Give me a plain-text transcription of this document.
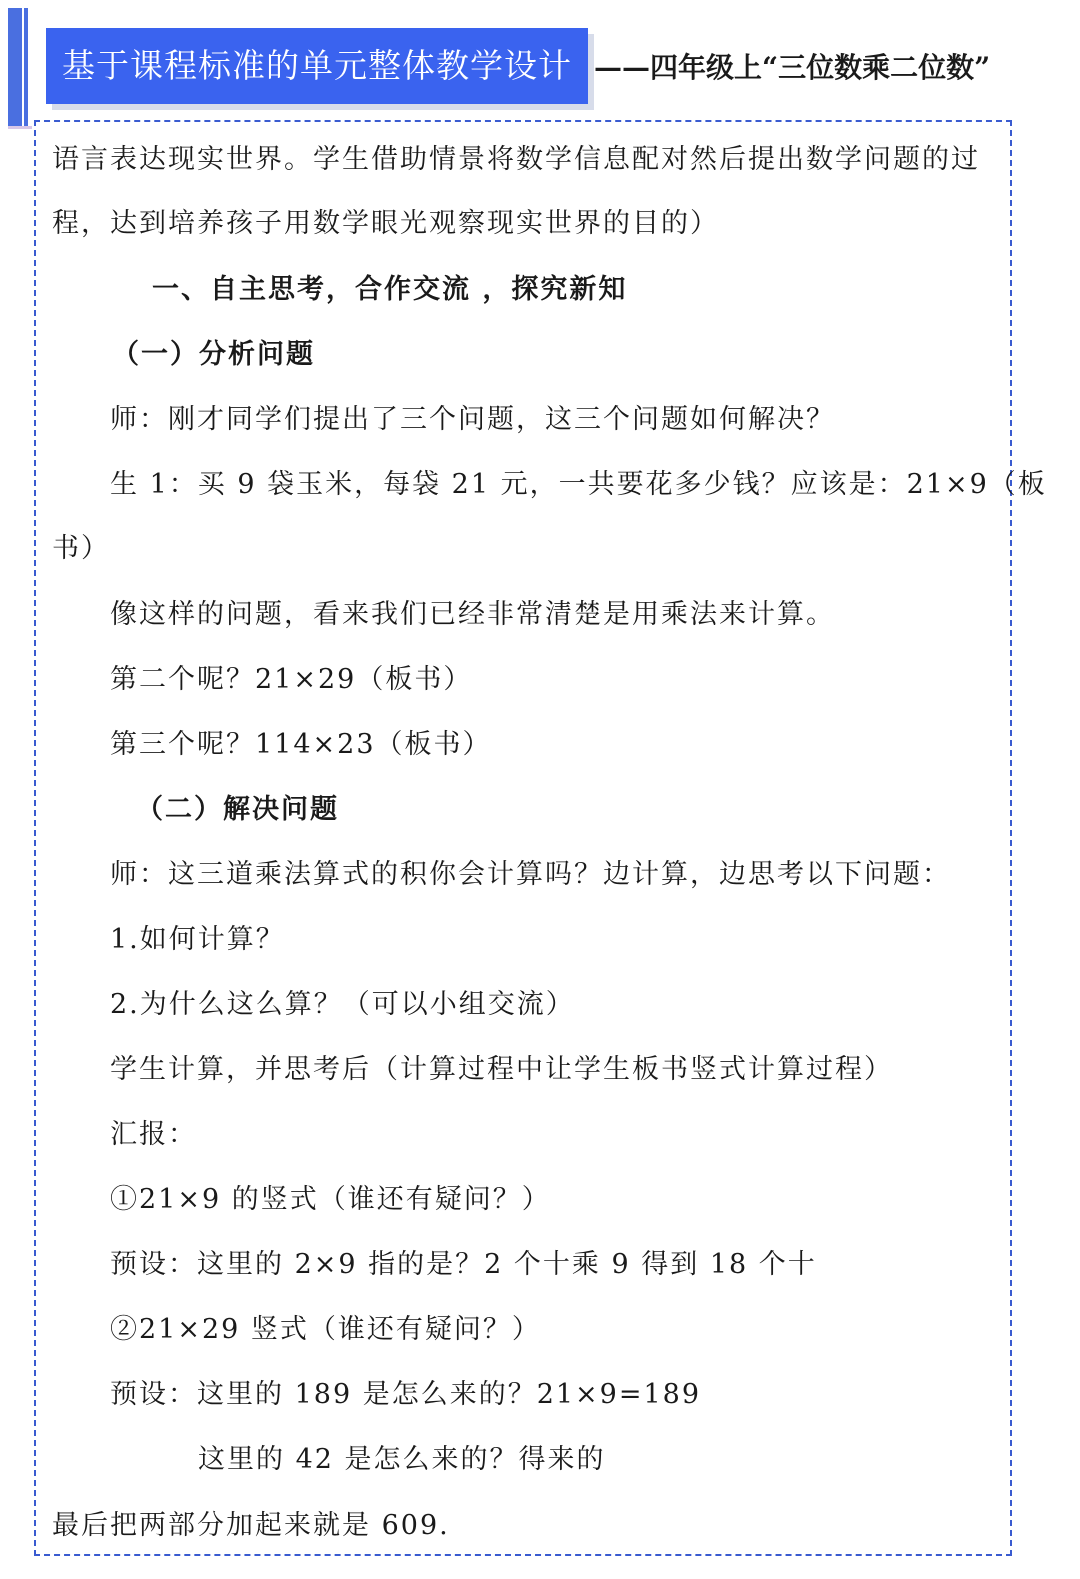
基于课程标准的单元整体教学设计 ——四年级上“三位数乘二位数”
语言表达现实世界。学生借助情景将数学信息配对然后提出数学问题的过
程，达到培养孩子用数学眼光观察现实世界的目的）
一、自主思考，合作交流 ，探究新知
（一）分析问题
师：刚才同学们提出了三个问题，这三个问题如何解决？
生 1：买 9 袋玉米，每袋 21 元，一共要花多少钱？应该是：21×9（板
书）
像这样的问题，看来我们已经非常清楚是用乘法来计算。
第二个呢？21×29（板书）
第三个呢？114×23（板书）
（二）解决问题
师：这三道乘法算式的积你会计算吗？边计算，边思考以下问题：
1.如何计算？
2.为什么这么算？（可以小组交流）
学生计算，并思考后（计算过程中让学生板书竖式计算过程）
汇报：
①21×9 的竖式（谁还有疑问？）
预设：这里的 2×9 指的是？2 个十乘 9 得到 18 个十
②21×29 竖式（谁还有疑问？）
预设：这里的 189 是怎么来的？21×9=189
这里的 42 是怎么来的？得来的
最后把两部分加起来就是 609.
